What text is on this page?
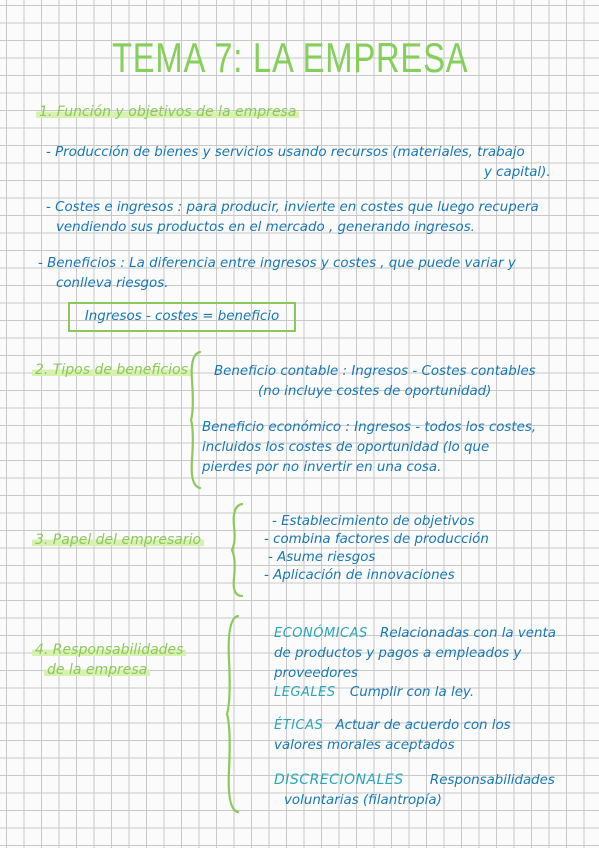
TEMA 7: LA EMPRESA
1. Función y objetivos de la empresa
- Producción de bienes y servicios usando recursos (materiales, trabajo
y capital).
- Costes e ingresos : para producir, invierte en costes que luego recupera
vendiendo sus productos en el mercado , generando ingresos.
- Beneficios : La diferencia entre ingresos y costes , que puede variar y
conlleva riesgos.
Ingresos - costes = beneficio
2. Tipos de beneficios Beneficio contable : Ingresos - Costes contables
(no incluye costes de oportunidad)
Beneficio económico : Ingresos - todos los costes,
incluidos los costes de oportunidad (lo que
pierdes por no invertir en una cosa.
3. Papel del empresario
- Establecimiento de objetivos
- combina factores de producción
- Asume riesgos
- Aplicación de innovaciones
4. Responsabilidades
de la empresa
ECONÓMICAS Relacionadas con la venta
de productos y pagos a empleados y
proveedores
LEGALES Cumplir con la ley.
ÉTICAS Actuar de acuerdo con los
valores morales aceptados
DISCRECIONALES Responsabilidades
voluntarias (filantropía)
